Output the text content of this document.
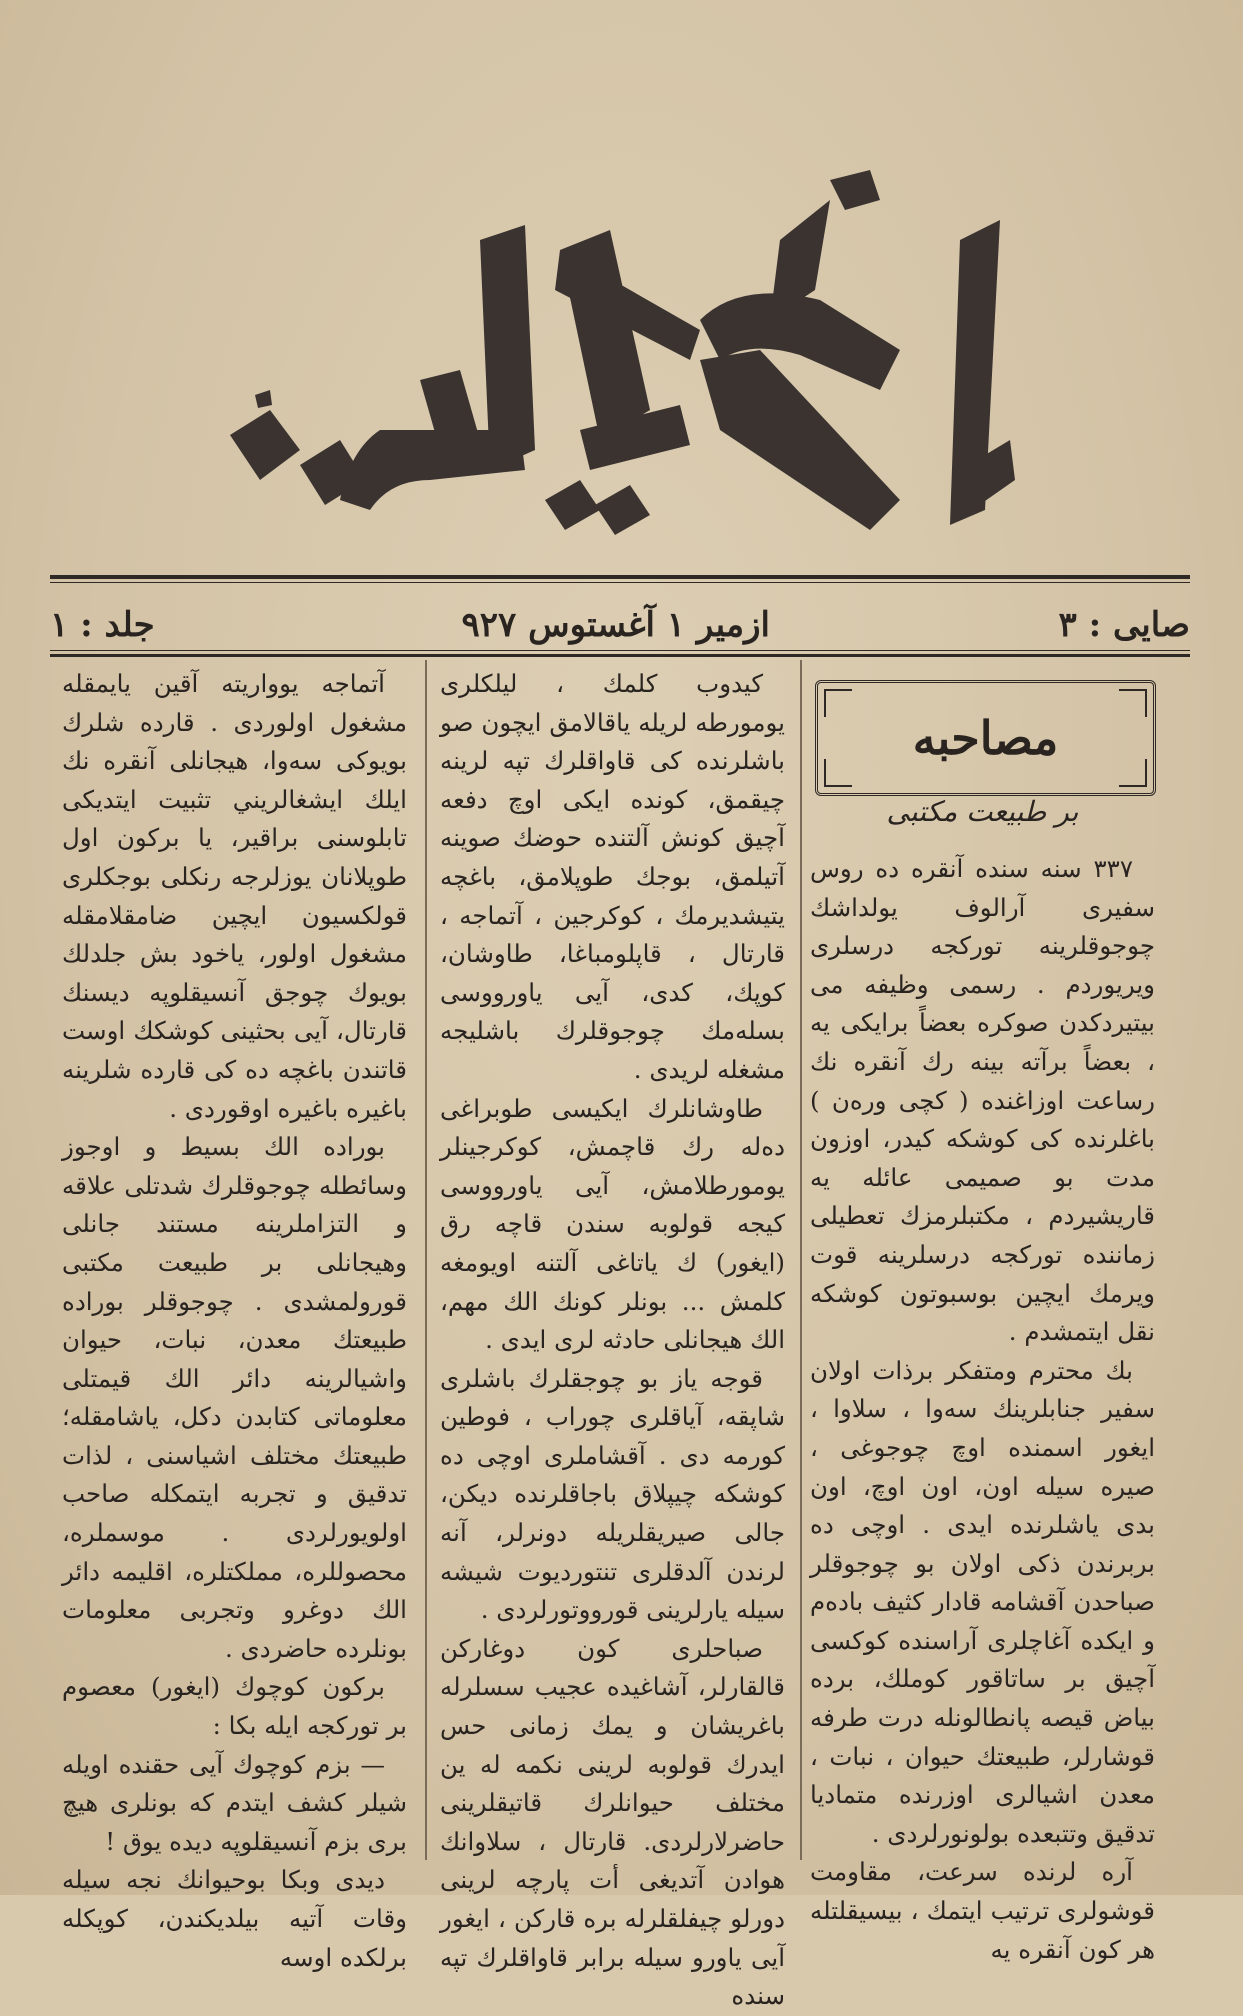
صايى : ۳
ازمير ۱ آغستوس ۹۲۷
جلد : ۱
مصاحبه
بر طبيعت مكتبى

۳۳۷ سنه سنده آنقره ده روس سفيرى آرالوف يولداشك چوجوقلرينه توركجه درسلرى ويريوردم . رسمى وظيفه مى بيتيردكدن صوكره بعضاً برايكى يه ، بعضاً برآته بينه رك آنقره نك رساعت اوزاغنده ( كچى ورەن ) باغلرنده كى كوشكه كيدر، اوزون مدت بو صميمى عائله يه قاريشيردم ، مكتبلرمزك تعطيلى زماننده توركجه درسلرينه قوت ويرمك ايچين بوسبوتون كوشكه نقل ايتمشدم .

بك محترم ومتفكر برذات اولان سفير جنابلرينك سەوا ، سلاوا ، ايغور اسمنده اوچ چوجوغى ، صيره سيله اون، اون اوچ، اون بدى ياشلرنده ايدى . اوچى ده بربرندن ذكى اولان بو چوجوقلر صباحدن آقشامه قادار كثيف بادەم و ايكده آغاچلرى آراسنده كوكسى آچيق بر ساتاقور كوملك، برده بياض قيصه پانطالونله درت طرفه قوشارلر، طبيعتك حيوان ، نبات ، معدن اشيالرى اوزرنده متماديا تدقيق وتتبعده بولونورلردى .

آره لرنده سرعت، مقاومت قوشولرى ترتيب ايتمك ، بيسيقلتله هر كون آنقره يه

كيدوب كلمك ، ليلكلرى يومورطه لريله ياقالامق ايچون صو باشلرنده كى قاواقلرك تپه لرينه چيقمق، كونده ايكى اوچ دفعه آچيق كونش آلتنده حوضك صوينه آتيلمق، بوجك طوپلامق، باغچه يتيشديرمك ، كوكرجين ، آتماجه ، قارتال ، قاپلومباغا، طاوشان، كوپك، كدى، آيى ياورووسى بسلەمك چوجوقلرك باشليجه مشغله لريدى .

طاوشانلرك ايكيسى طوبراغى دەله رك قاچمش، كوكرجينلر يومورطلامش، آيى ياورووسى كيجه قولوبه سندن قاچه رق (ايغور) ك ياتاغى آلتنه اويومغه كلمش ... بونلر كونك الك مهم، الك هيجانلى حادثه لرى ايدى .

قوجه ياز بو چوجقلرك باشلرى شاپقه، آياقلرى چوراب ، فوطين كورمه دى . آقشاملرى اوچى ده كوشكه چيپلاق باجاقلرنده ديكن، جالى صيريقلريله دونرلر، آنه لرندن آلدقلرى تنتورديوت شيشه سيله يارلرينى قورووتورلردى .

صباحلرى كون دوغاركن قالقارلر، آشاغيده عجيب سسلرله باغريشان و يمك زمانى حس ايدرك قولوبه لرينى نكمه له ين مختلف حيوانلرك قاتيقلرينى حاضرلارلردى. قارتال ، سلاوانك هوادن آتديغى أت پارچه لرينى دورلو چيفلقلرله بره قاركن ، ايغور آيى ياورو سيله برابر قاواقلرك تپه سنده

آتماجه يوواريته آقين يايمقله مشغول اولوردى . قارده شلرك بويوكى سەوا، هيجانلى آنقره نك ايلك ايشغالريني تثبيت ايتديكى تابلوسنى براقير، يا بركون اول طوپلانان يوزلرجه رنكلى بوجكلرى قولكسيون ايچين ضامقلامقله مشغول اولور، ياخود بش جلدلك بويوك چوجق آنسيقلوپه ديسنك قارتال، آيى بحثينى كوشكك اوست قاتندن باغچه ده كى قارده شلرينه باغيره باغيره اوقوردى .

بوراده الك بسيط و اوجوز وسائطله چوجوقلرك شدتلى علاقه و التزاملرينه مستند جانلى وهيجانلى بر طبيعت مكتبى قورولمشدى . چوجوقلر بوراده طبيعتك معدن، نبات، حيوان واشيالرينه دائر الك قيمتلى معلوماتى كتابدن دكل، ياشامقله؛ طبيعتك مختلف اشياسنى ، لذات تدقيق و تجربه ايتمكله صاحب اولويورلردى . موسملره، محصوللره، مملكتلره، اقليمه دائر الك دوغرو وتجربى معلومات بونلرده حاضردى .

بركون كوچوك (ايغور) معصوم بر توركجه ايله بكا :

— بزم كوچوك آيى حقنده اويله شيلر كشف ايتدم كه بونلرى هيچ برى بزم آنسيقلوپه ديده يوق !

ديدى وبكا بوحيوانك نجه سيله وقات آتيه بيلديكندن، كوپكله برلكده اوسه
